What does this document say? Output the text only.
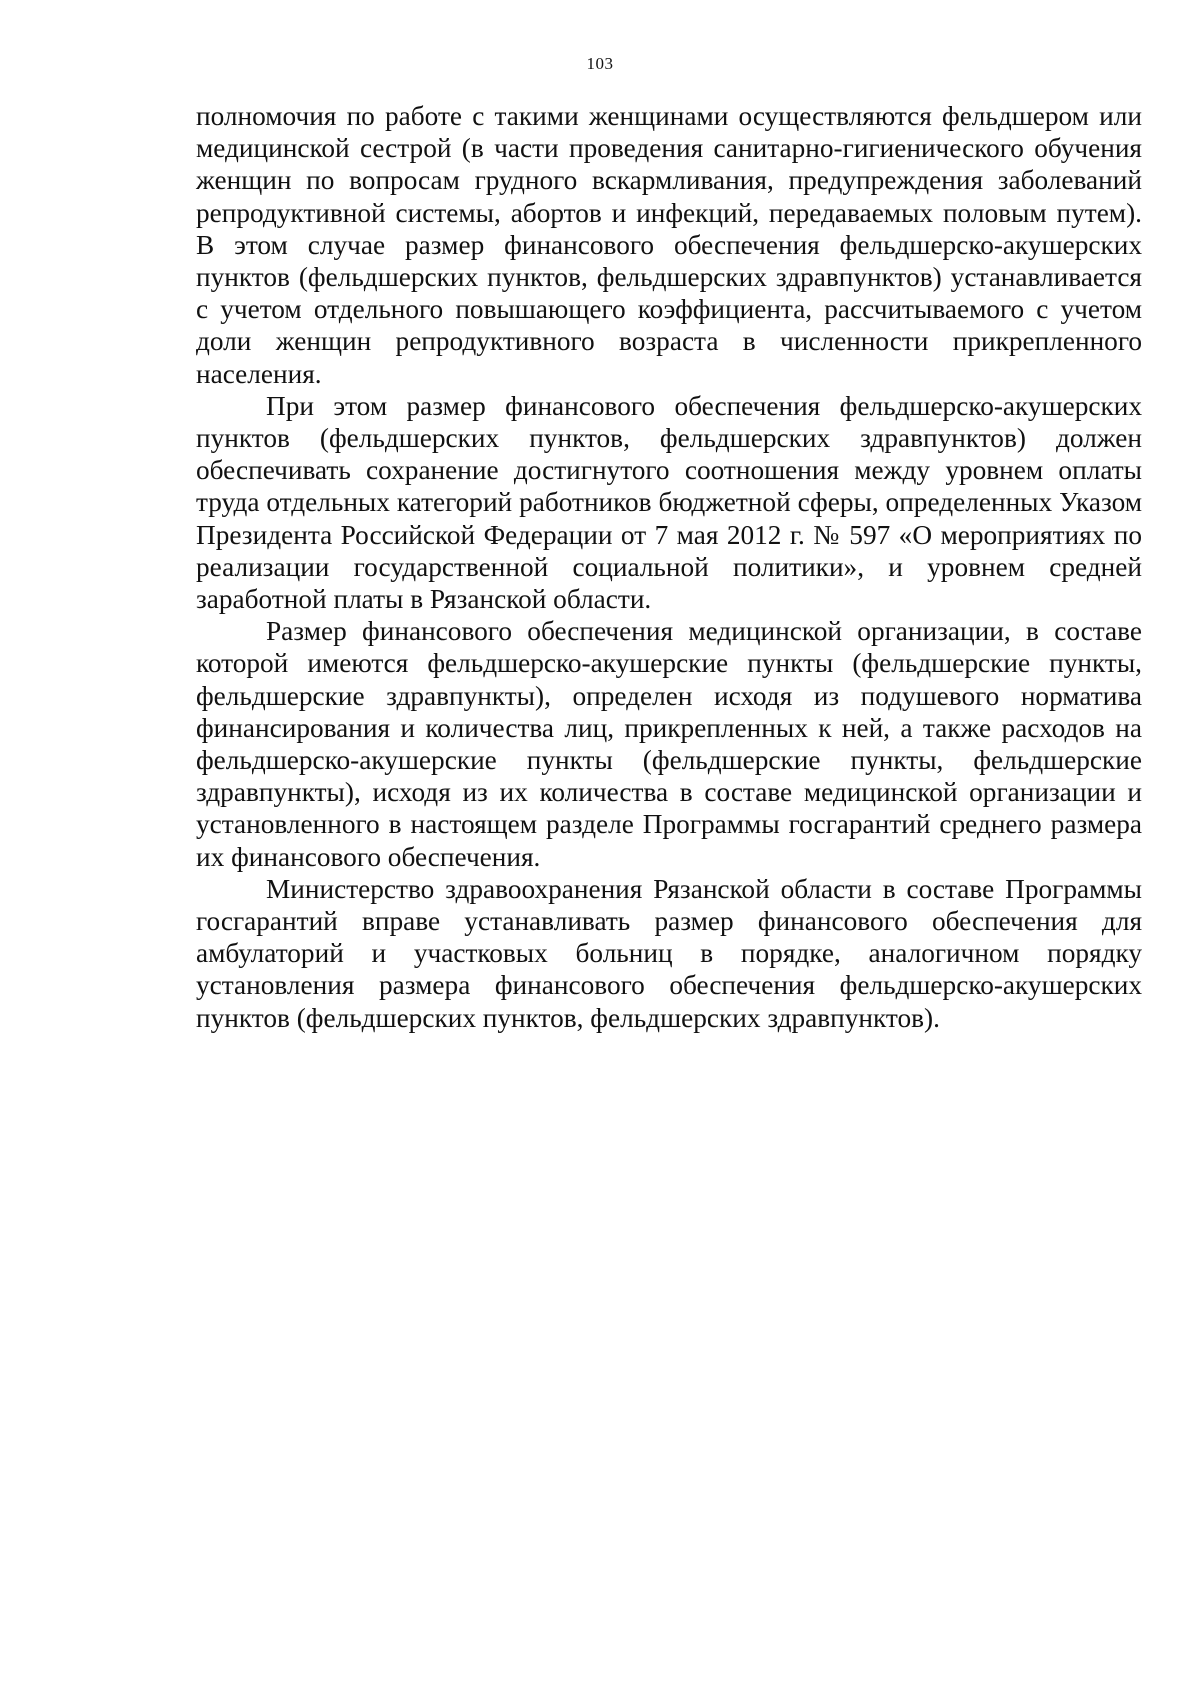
103

полномочия по работе с такими женщинами осуществляются фельдшером или медицинской сестрой (в части проведения санитарно-гигиенического обучения женщин по вопросам грудного вскармливания, предупреждения заболеваний репродуктивной системы, абортов и инфекций, передаваемых половым путем). В этом случае размер финансового обеспечения фельдшерско-акушерских пунктов (фельдшерских пунктов, фельдшерских здравпунктов) устанавливается с учетом отдельного повышающего коэффициента, рассчитываемого с учетом доли женщин репродуктивного возраста в численности прикрепленного населения.

При этом размер финансового обеспечения фельдшерско-акушерских пунктов (фельдшерских пунктов, фельдшерских здравпунктов) должен обеспечивать сохранение достигнутого соотношения между уровнем оплаты труда отдельных категорий работников бюджетной сферы, определенных Указом Президента Российской Федерации от 7 мая 2012 г. № 597 «О мероприятиях по реализации государственной социальной политики», и уровнем средней заработной платы в Рязанской области.

Размер финансового обеспечения медицинской организации, в составе которой имеются фельдшерско-акушерские пункты (фельдшерские пункты, фельдшерские здравпункты), определен исходя из подушевого норматива финансирования и количества лиц, прикрепленных к ней, а также расходов на фельдшерско-акушерские пункты (фельдшерские пункты, фельдшерские здравпункты), исходя из их количества в составе медицинской организации и установленного в настоящем разделе Программы госгарантий среднего размера их финансового обеспечения.

Министерство здравоохранения Рязанской области в составе Программы госгарантий вправе устанавливать размер финансового обеспечения для амбулаторий и участковых больниц в порядке, аналогичном порядку установления размера финансового обеспечения фельдшерско-акушерских пунктов (фельдшерских пунктов, фельдшерских здравпунктов).
